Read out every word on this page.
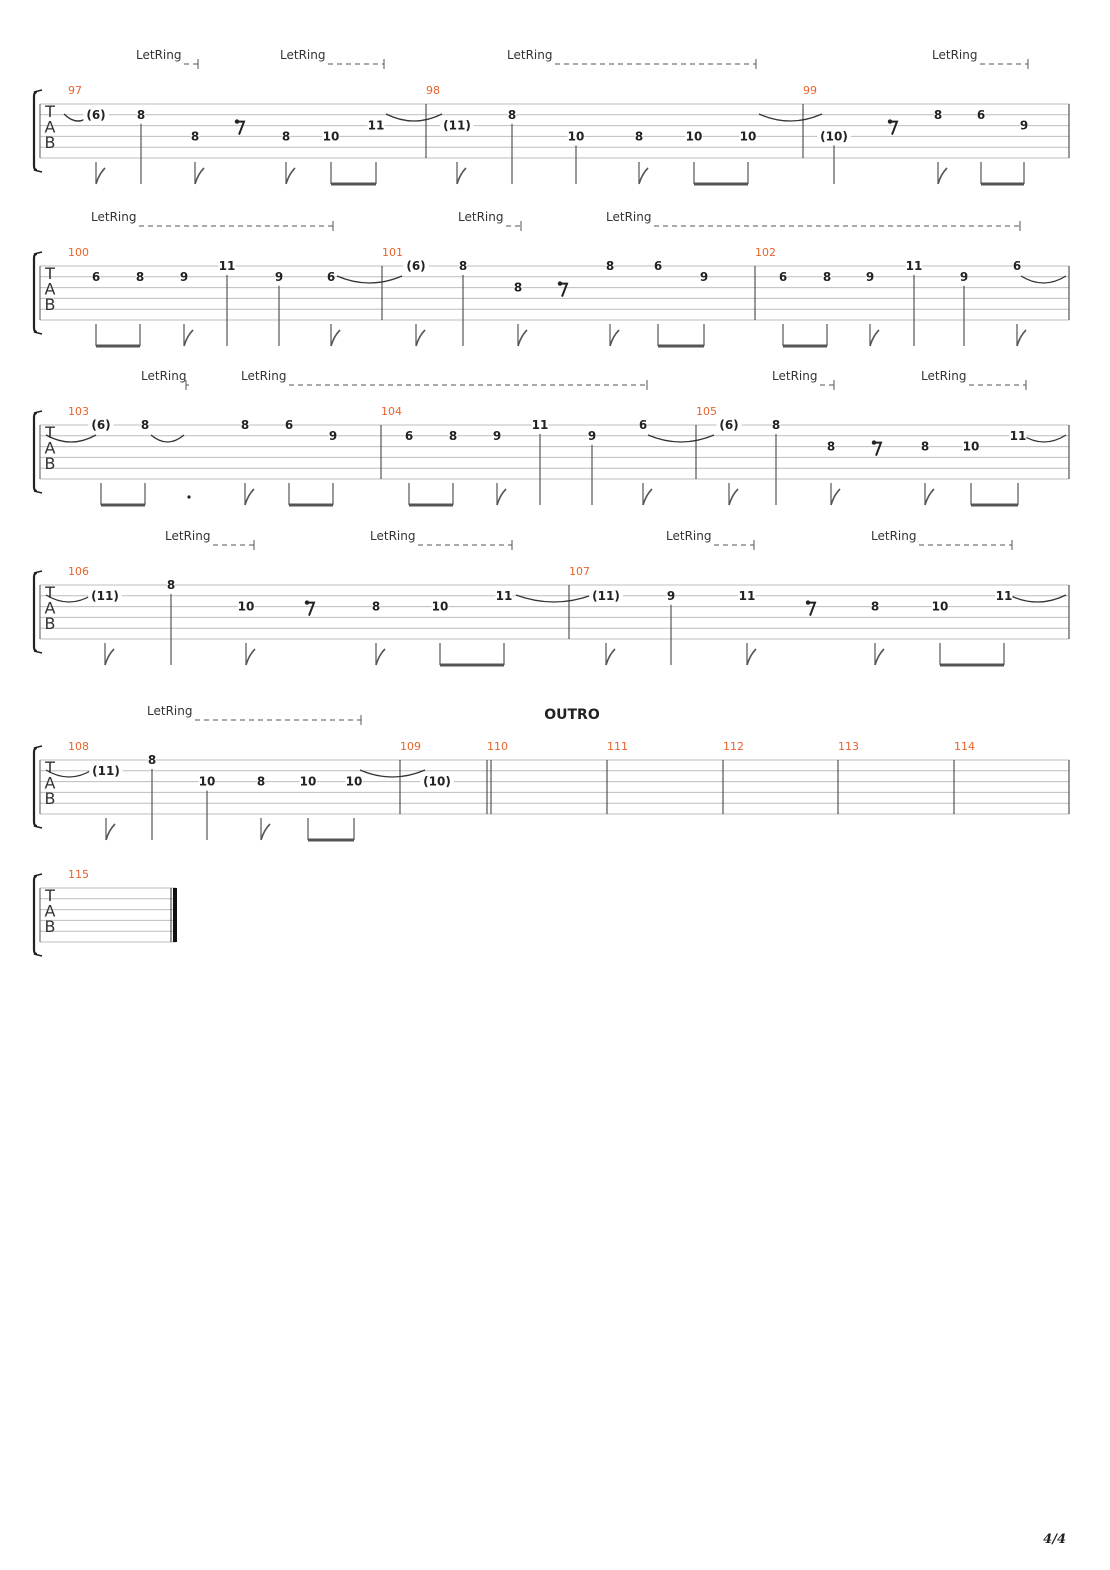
T
A
B
97	98	99
LetRing	LetRing	LetRing	LetRing
(6)	8
8	8	10
11	(11)
8
10	8	10	10	(10)
8	6
9
T
A
B
100	101	102
LetRing	LetRing	LetRing
6	8	9
11
9	6
(6)	8
8
8	6
9	6	8	9
11
9
6
T
A
B
103	104	105
LetRing	LetRing	LetRing	LetRing
(6)	8	8	6
9	6	8	9
11
9
6	(6)	8
8	8	10
11
T
A
B
106	107
LetRing	LetRing	LetRing	LetRing
(11)
8
10	8	10
11	(11)	9	11
8	10
11
T
A
B
108	109	110	111	112	113	114
OUTRO
LetRing
(11)
8
10	8	10 10	(10)
T
A
B
115
4/4
